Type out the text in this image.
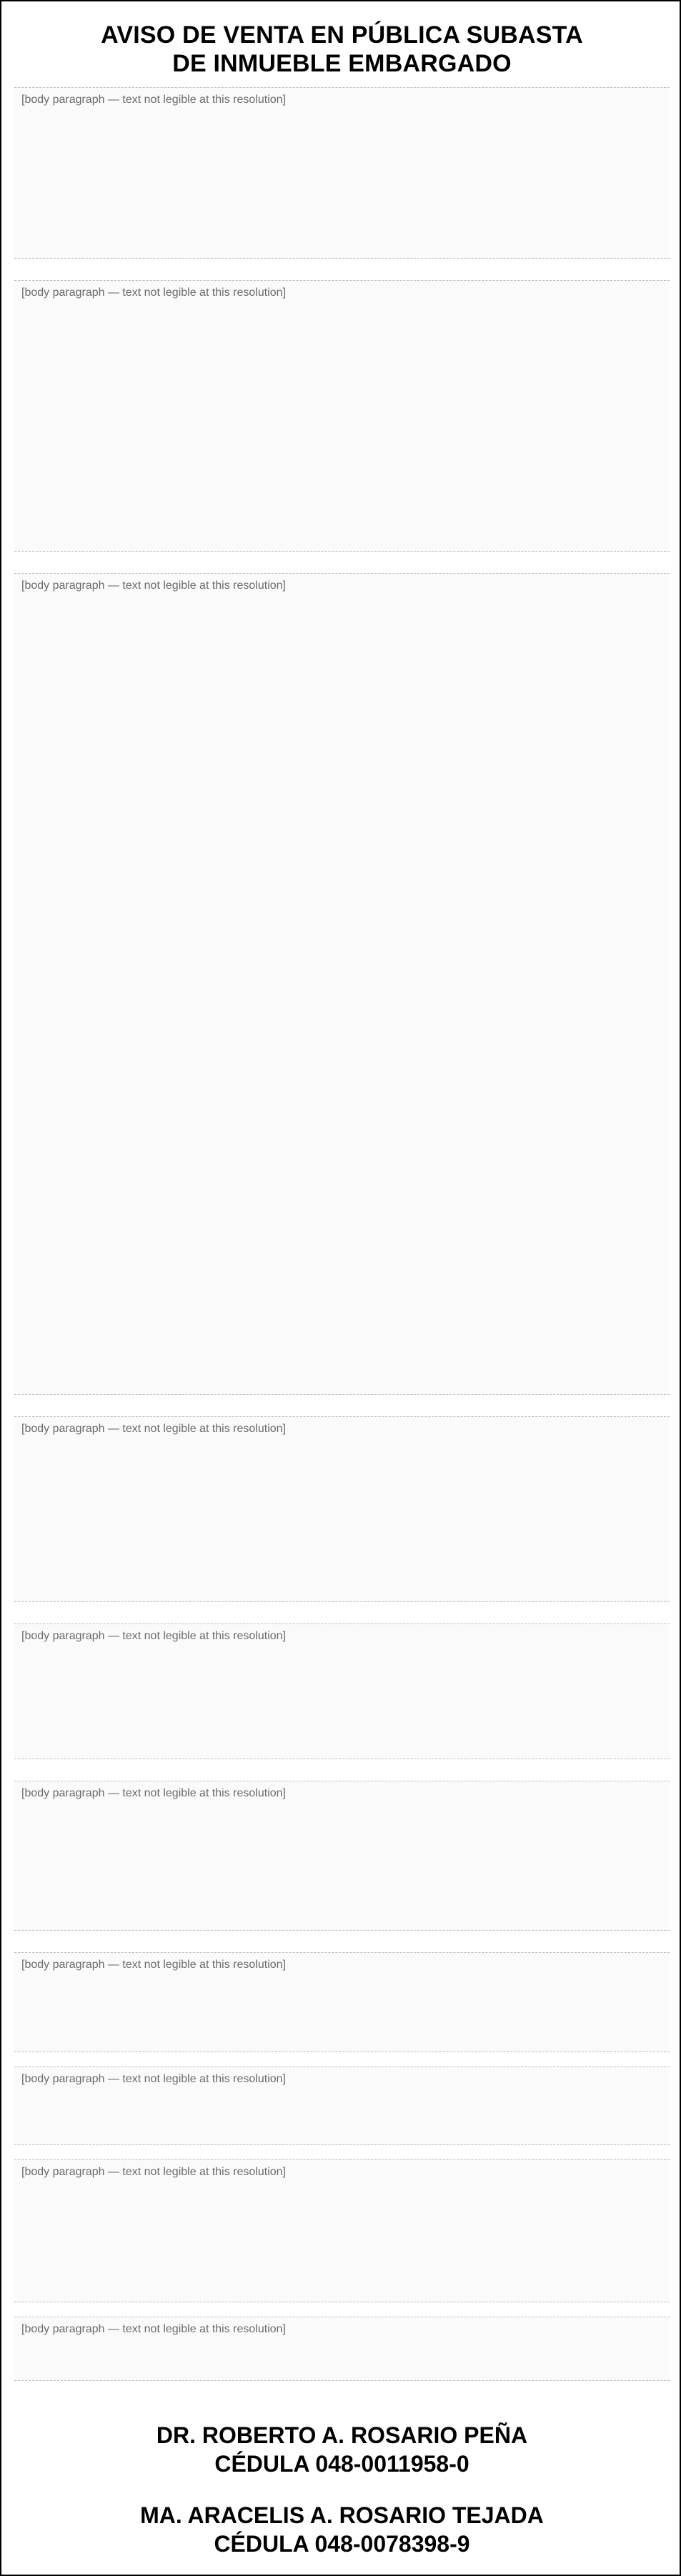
AVISO DE VENTA EN PÚBLICA SUBASTA
DE INMUEBLE EMBARGADO
[body paragraph — text not legible at this resolution]
[body paragraph — text not legible at this resolution]
[body paragraph — text not legible at this resolution]
[body paragraph — text not legible at this resolution]
[body paragraph — text not legible at this resolution]
[body paragraph — text not legible at this resolution]
[body paragraph — text not legible at this resolution]
[body paragraph — text not legible at this resolution]
[body paragraph — text not legible at this resolution]
[body paragraph — text not legible at this resolution]
DR. ROBERTO A. ROSARIO PEÑA
CÉDULA 048-0011958-0
MA. ARACELIS A. ROSARIO TEJADA
CÉDULA 048-0078398-9
